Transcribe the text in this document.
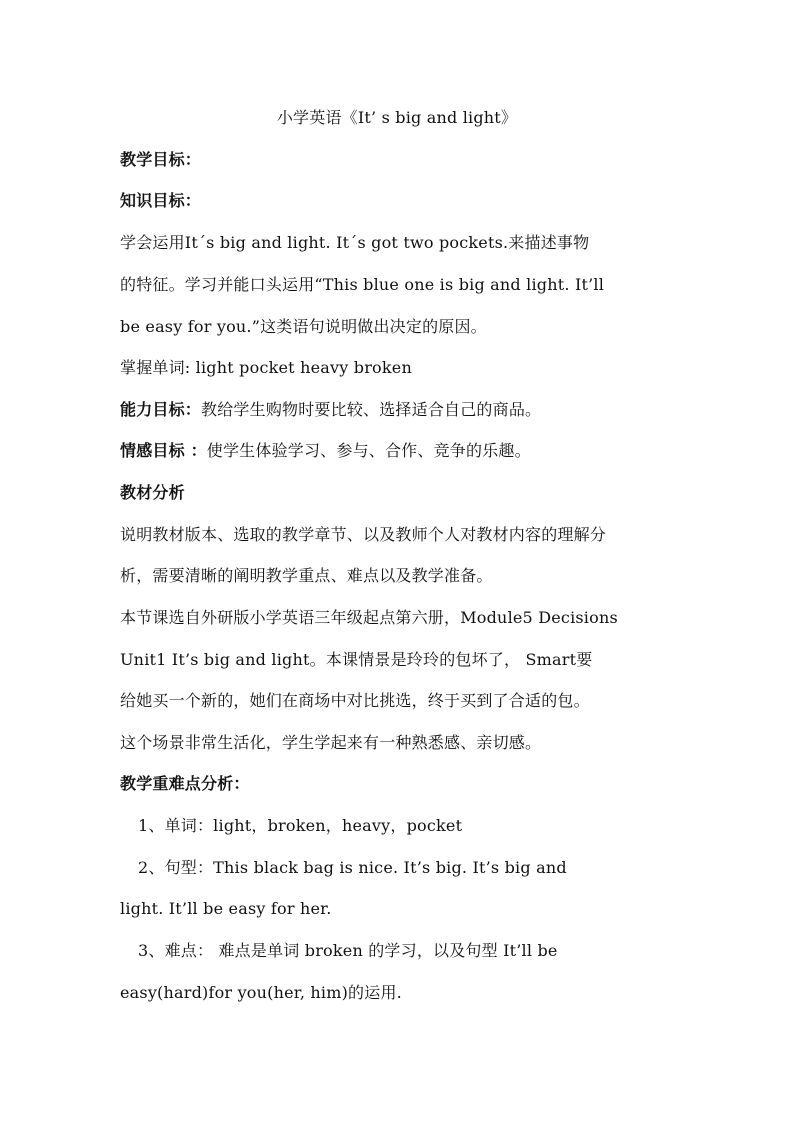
小学英语《It’ s big and light》
教学目标：
知识目标：
学会运用It´s big and light. It´s got two pockets.来描述事物
的特征。学习并能口头运用“This blue one is big and light. It’ll
be easy for you.”这类语句说明做出决定的原因。
掌握单词: light pocket heavy broken
能力目标：教给学生购物时要比较、选择适合自己的商品。
情感目标 ：使学生体验学习、参与、合作、竞争的乐趣。
教材分析
说明教材版本、选取的教学章节、以及教师个人对教材内容的理解分
析，需要清晰的阐明教学重点、难点以及教学准备。
本节课选自外研版小学英语三年级起点第六册，Module5 Decisions
Unit1 It’s big and light。本课情景是玲玲的包坏了， Smart要
给她买一个新的，她们在商场中对比挑选，终于买到了合适的包。
这个场景非常生活化，学生学起来有一种熟悉感、亲切感。
教学重难点分析：
1、单词：light，broken，heavy，pocket
2、句型：This black bag is nice. It’s big. It’s big and
light. It’ll be easy for her.
3、难点： 难点是单词 broken 的学习，以及句型 It’ll be
easy(hard)for you(her, him)的运用.
